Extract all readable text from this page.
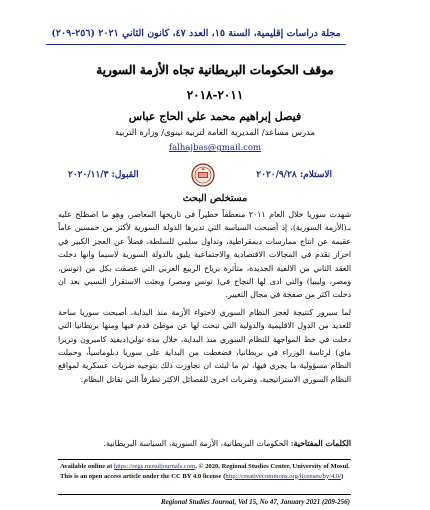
مجلة دراسات إقليمية، السنة ١٥، العدد ٤٧، كانون الثاني ٢٠٢١ (٢٥٦-٢٠٩)
موقف الحكومات البريطانية تجاه الأزمة السورية
٢٠١١-٢٠١٨
فيصل إبراهيم محمد علي الحاج عباس
مدرس مساعد/ المديرية العامة لتربية نينوى/ وزارة التربية
falhajbas@gmail.com
الاستلام: ٢٠٢٠/٩/٢٨
القبول: ٢٠٢٠/١١/٣
مستخلص البحث

شهدت سوريا خلال العام ٢٠١١ منعطفاً خطيراً في تاريخها المعاصر، وهو ما اصطلح عليه بـ(الأزمة السورية)، إذ أصبحت السياسة التي تديرها الدولة السورية لأكثر من خمسين عاماً عقيمة عن انتاج ممارسات ديمقراطية، وتداول سلمي للسلطة، فضلاً عن العجز الكبير في احراز تقدم في المجالات الاقتصادية والاجتماعية يليق بالدولة السورية لاسيما وانها دخلت العقد الثاني من الالفية الجديدة، متأثرة برياح الربيع العربي التي عصفت بكل من (تونس، ومصر، وليبيا) والتي ادى لها النجاح في( تونس ومصر) وبعثت الاستقرار النسبي بعد ان دخلت اكثر من صفحة في مجال التغيير.

لما سيرور كنتيجة لعجز النظام السوري لاحتواء الأزمة منذ البداية، أصبحت سوريا ساحة للعديد من الدول الاقليمية والدولية التي تبحث لها عن موطئ قدم فيها ومنها بريطانيا التي دخلت في خط المواجهة للنظام السوري منذ البداية، خلال مدة تولي(ديفيد كاميرون وتريزا ماي) لرئاسة الوزراء في بريطانيا، فضغطت من البداية على سوريا دبلوماسياً، وحملت النظام مسؤولية ما يجري فيها، ثم ما لبثت ان تجاوزت ذلك بتوجيه ضربات عسكرية لمواقع النظام السوري الاستراتيجية، وضربات اخرى للفصائل الاكثر تطرفاً التي تقاتل النظام.

الكلمات المفتاحية: الحكومات البريطانية، الأزمة السورية، السياسة البريطانية.
Available online at https://regs.mosuljournals.com, © 2020, Regional Studies Center, University of Mosul. This is an open access article under the CC BY 4.0 license (http://creativecommons.org/licenses/by/4.0/)
Regional Studies Journal, Vol 15, No 47, January 2021 (209-256)
